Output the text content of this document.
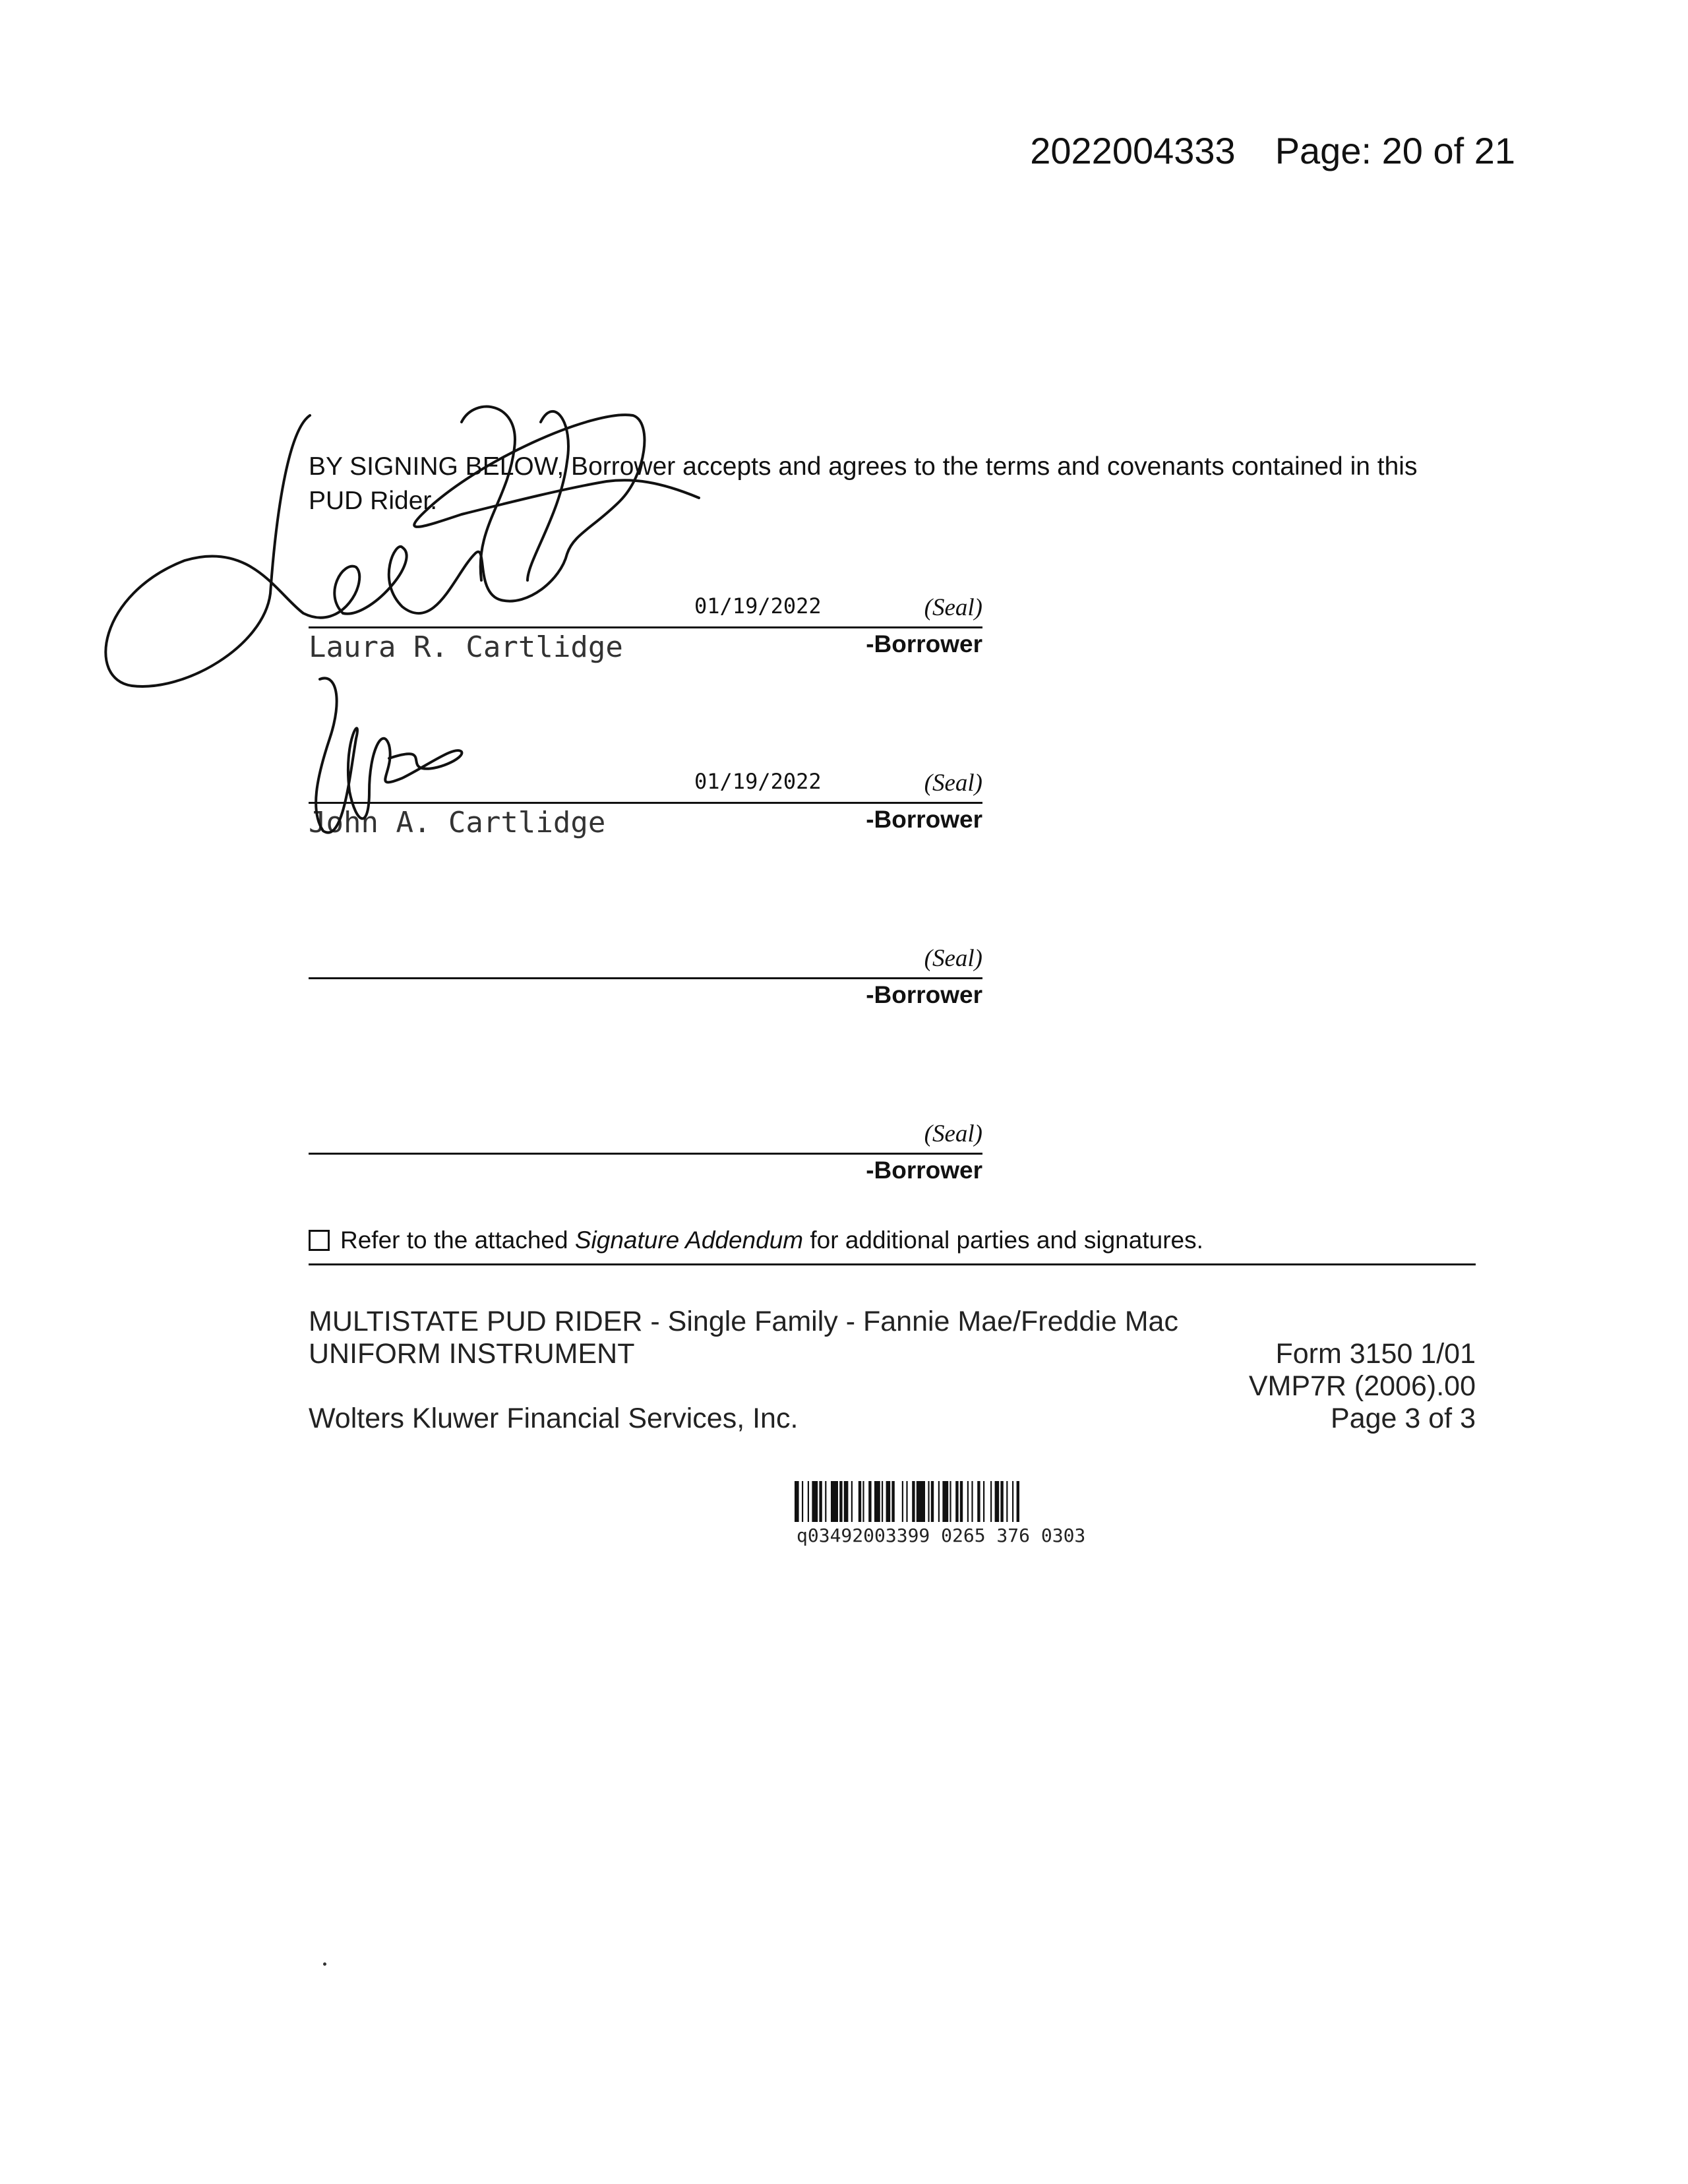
2022004333 Page: 20 of 21
BY SIGNING BELOW, Borrower accepts and agrees to the terms and covenants contained in this PUD Rider.
01/19/2022	(Seal)
Laura R. Cartlidge	-Borrower
01/19/2022	(Seal)
John A. Cartlidge	-Borrower
(Seal)
-Borrower
(Seal)
-Borrower
Refer to the attached
Signature Addendum
for additional parties and signatures.
MULTISTATE PUD RIDER - Single Family - Fannie Mae/Freddie Mac
UNIFORM INSTRUMENT	Form 3150 1/01
VMP7R (2006).00
Wolters Kluwer Financial Services, Inc.	Page 3 of 3
q03492003399 0265 376 0303
